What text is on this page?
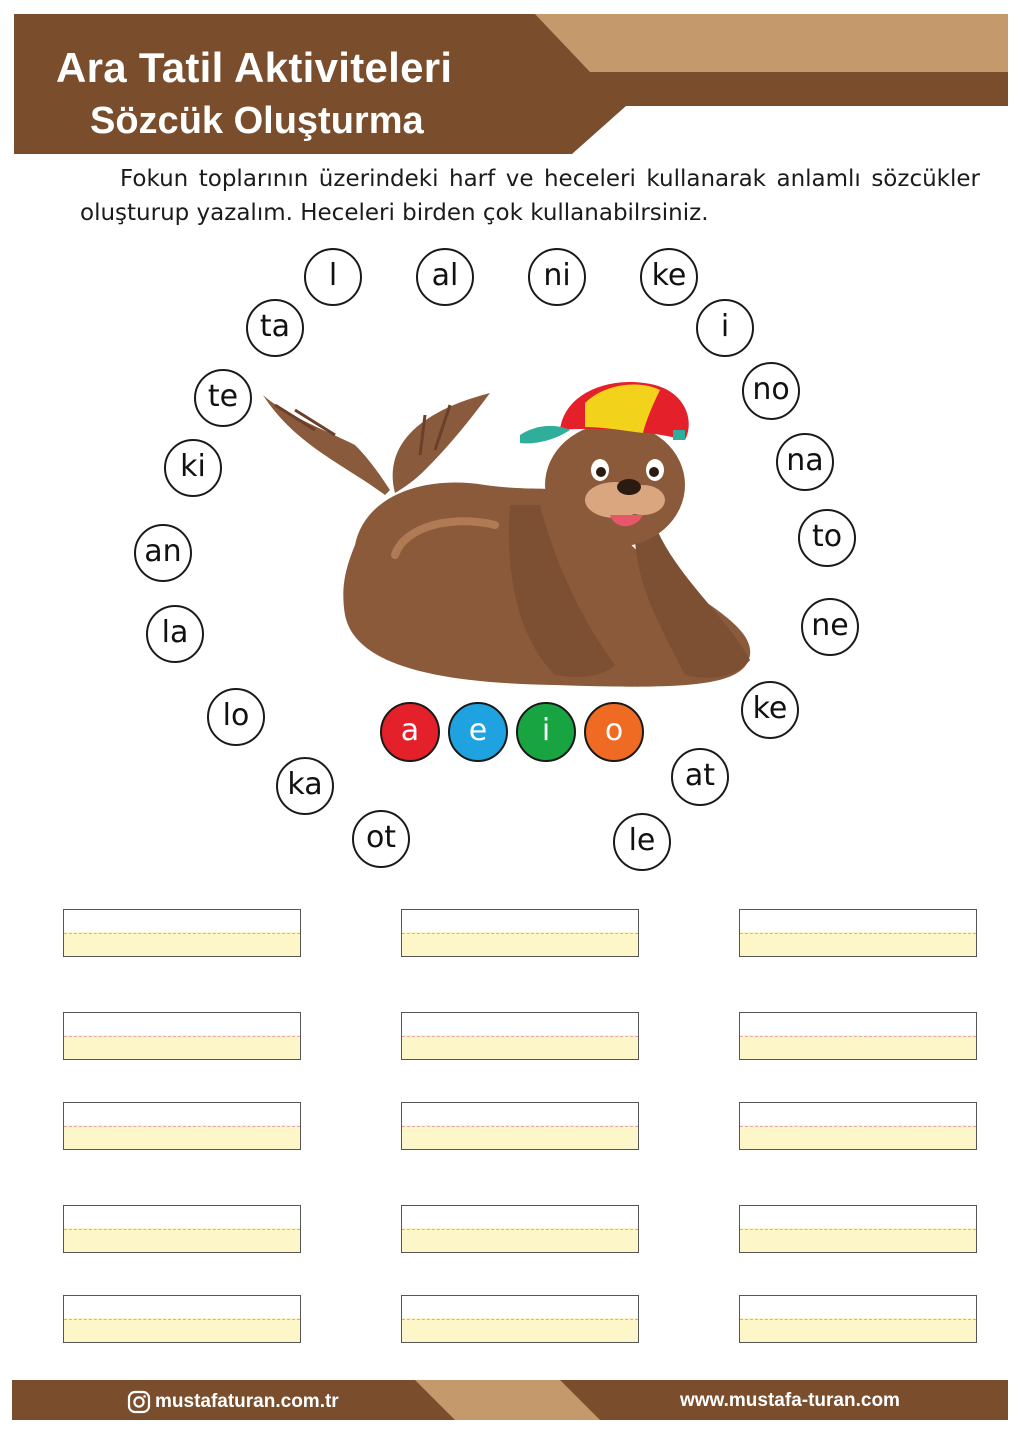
Ara Tatil Aktiviteleri
Sözcük Oluşturma

Fokun toplarının üzerindeki harf ve heceleri kullanarak anlamlı sözcükler oluşturup yazalım. Heceleri birden çok kullanabilrsiniz.

l	al	ni	ke
ta	i
te	no
ki	na
an	to
la	ne
lo	ke
ka	at
ot	le
a	e	i	o
mustafaturan.com.tr	www.mustafa-turan.com
